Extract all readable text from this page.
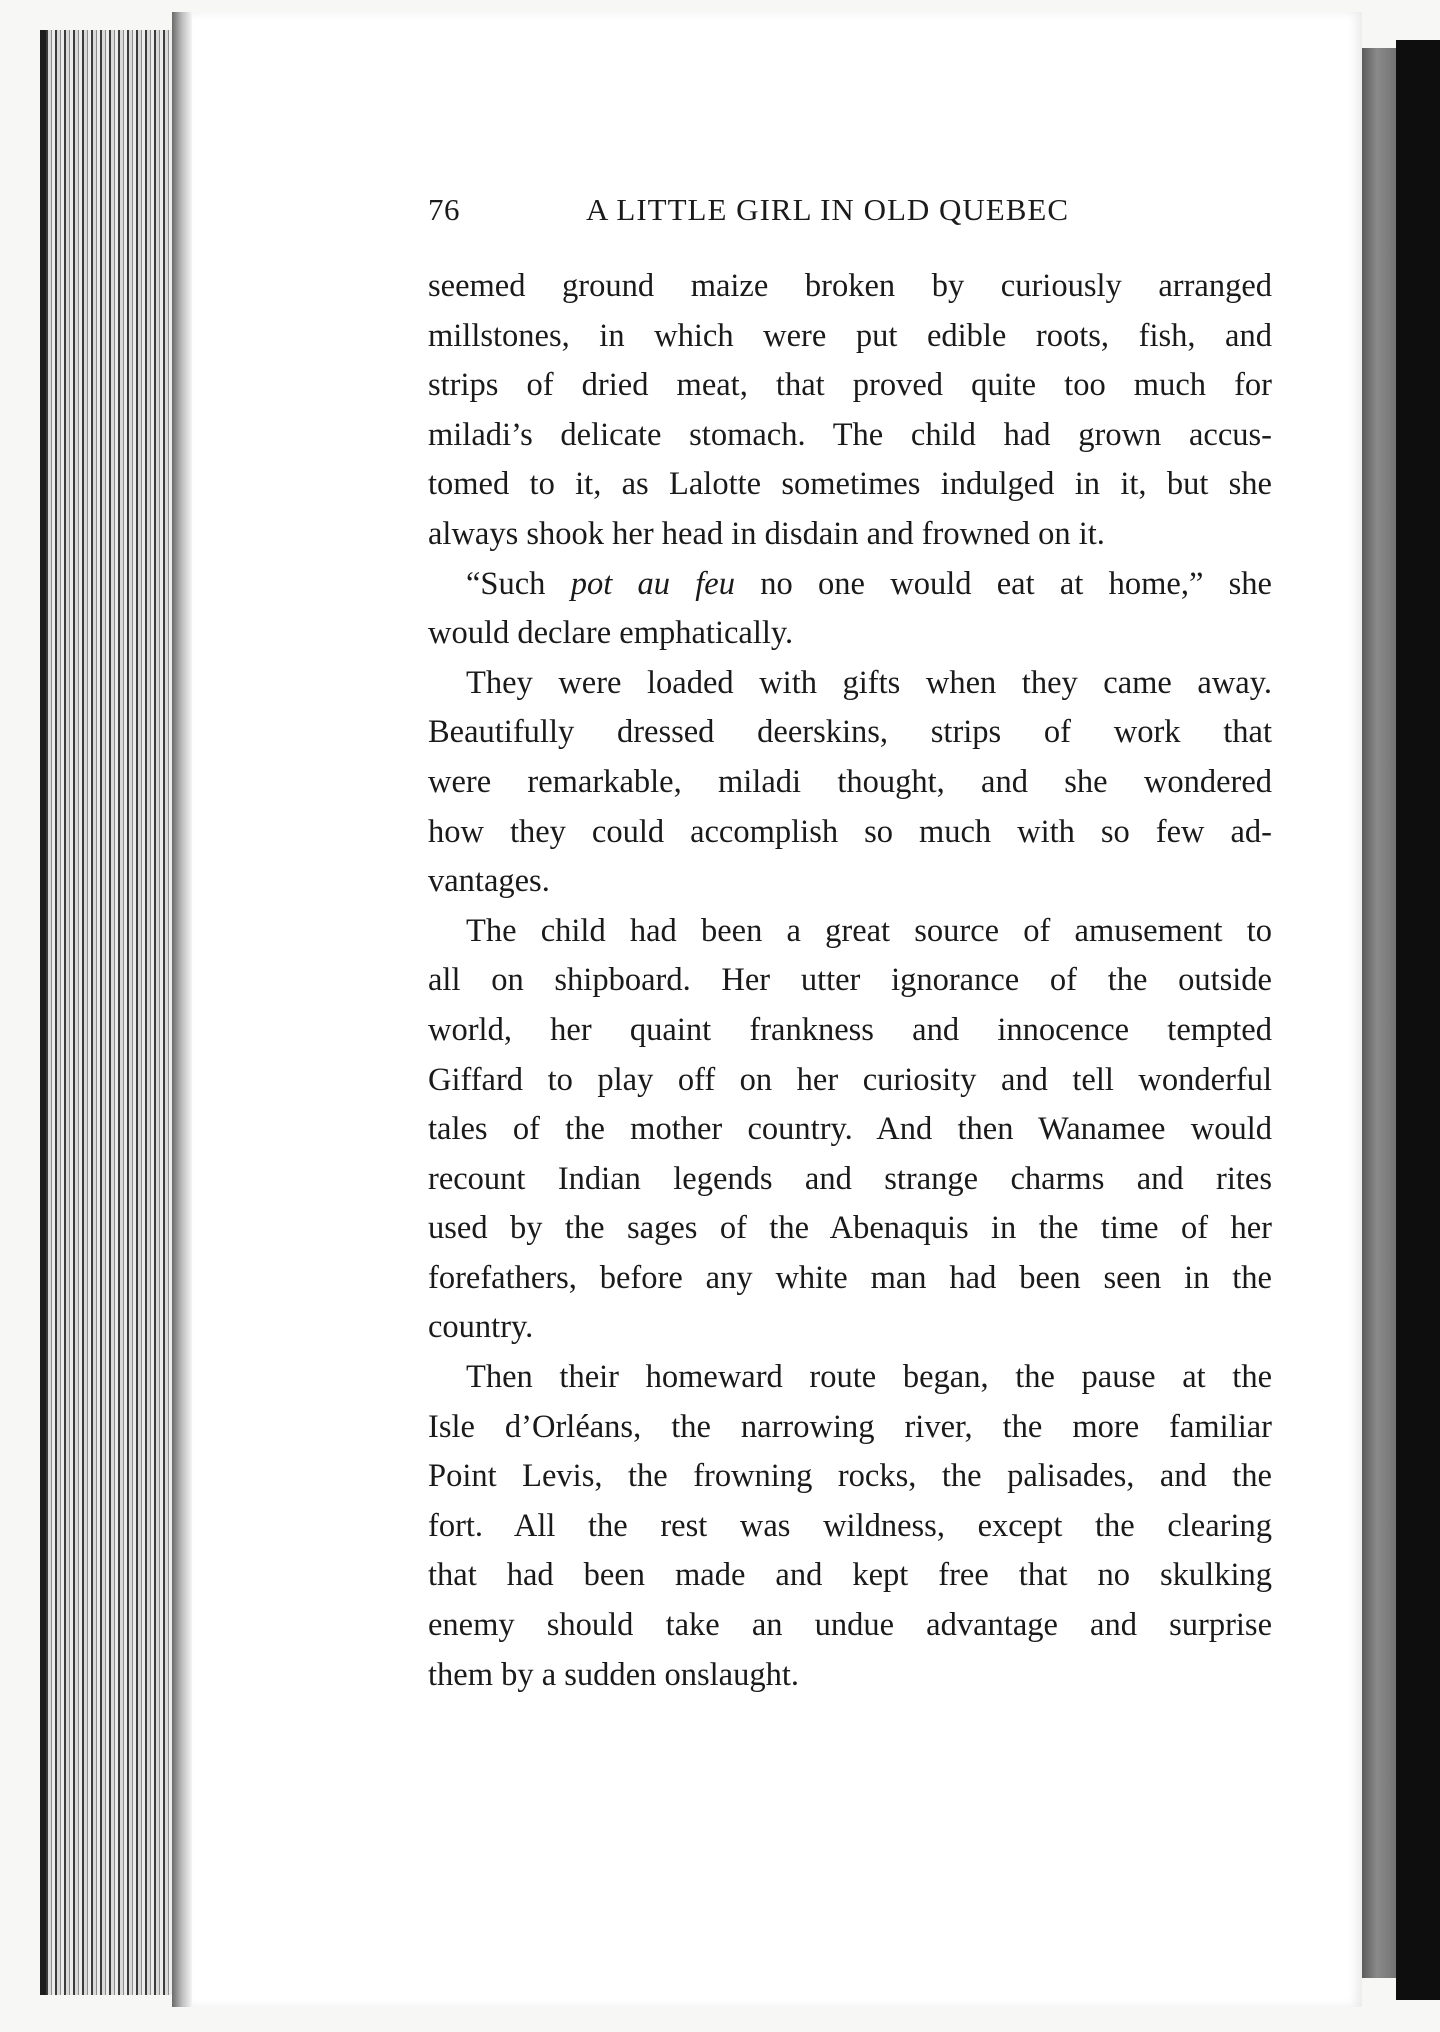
76	A LITTLE GIRL IN OLD QUEBEC
seemed ground maize broken by curiously arranged
millstones, in which were put edible roots, fish, and
strips of dried meat, that proved quite too much for
miladi’s delicate stomach. The child had grown accus-
tomed to it, as Lalotte sometimes indulged in it, but she
always shook her head in disdain and frowned on it.
“Such pot au feu no one would eat at home,” she
would declare emphatically.
They were loaded with gifts when they came away.
Beautifully dressed deerskins, strips of work that
were remarkable, miladi thought, and she wondered
how they could accomplish so much with so few ad-
vantages.
The child had been a great source of amusement to
all on shipboard. Her utter ignorance of the outside
world, her quaint frankness and innocence tempted
Giffard to play off on her curiosity and tell wonderful
tales of the mother country. And then Wanamee would
recount Indian legends and strange charms and rites
used by the sages of the Abenaquis in the time of her
forefathers, before any white man had been seen in the
country.
Then their homeward route began, the pause at the
Isle d’Orléans, the narrowing river, the more familiar
Point Levis, the frowning rocks, the palisades, and the
fort. All the rest was wildness, except the clearing
that had been made and kept free that no skulking
enemy should take an undue advantage and surprise
them by a sudden onslaught.
